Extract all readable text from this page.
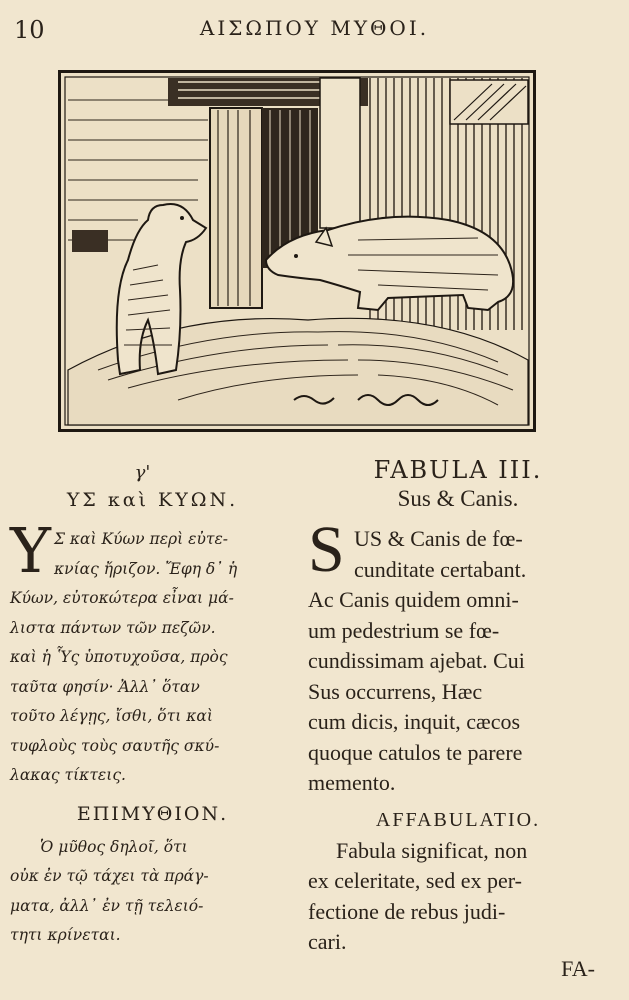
10	ΑΙΣΩΠΟΥ ΜΥΘΟΙ.
γ'
ΥΣ καὶ ΚΥΩΝ.
Υ Σ καὶ Κύων περὶ εὐτε-
κνίας ἤριζον. Ἔφη δ᾽ ἡ
Κύων, εὐτοκώτερα εἶναι μά-
λιστα πάντων τῶν πεζῶν.
καὶ ἡ Ὗς ὑποτυχοῦσα, πρὸς
ταῦτα φησίν· Ἀλλ᾽ ὅταν
τοῦτο λέγῃς, ἴσθι, ὅτι καὶ
τυφλοὺς τοὺς σαυτῆς σκύ-
λακας τίκτεις.
ΕΠΙΜΥΘΙΟΝ.
Ὁ μῦθος δηλοῖ, ὅτι
οὐκ ἐν τῷ τάχει τὰ πράγ-
ματα, ἀλλ᾽ ἐν τῇ τελειό-
τητι κρίνεται.
FABULA III.
Sus & Canis.
S US & Canis de fœ-
cunditate certabant.
Ac Canis quidem omni-
um pedestrium se fœ-
cundissimam ajebat. Cui
Sus occurrens, Hæc
cum dicis, inquit, cæcos
quoque catulos te parere
memento.
AFFABULATIO.
Fabula significat, non
ex celeritate, sed ex per-
fectione de rebus judi-
cari.
FA-
